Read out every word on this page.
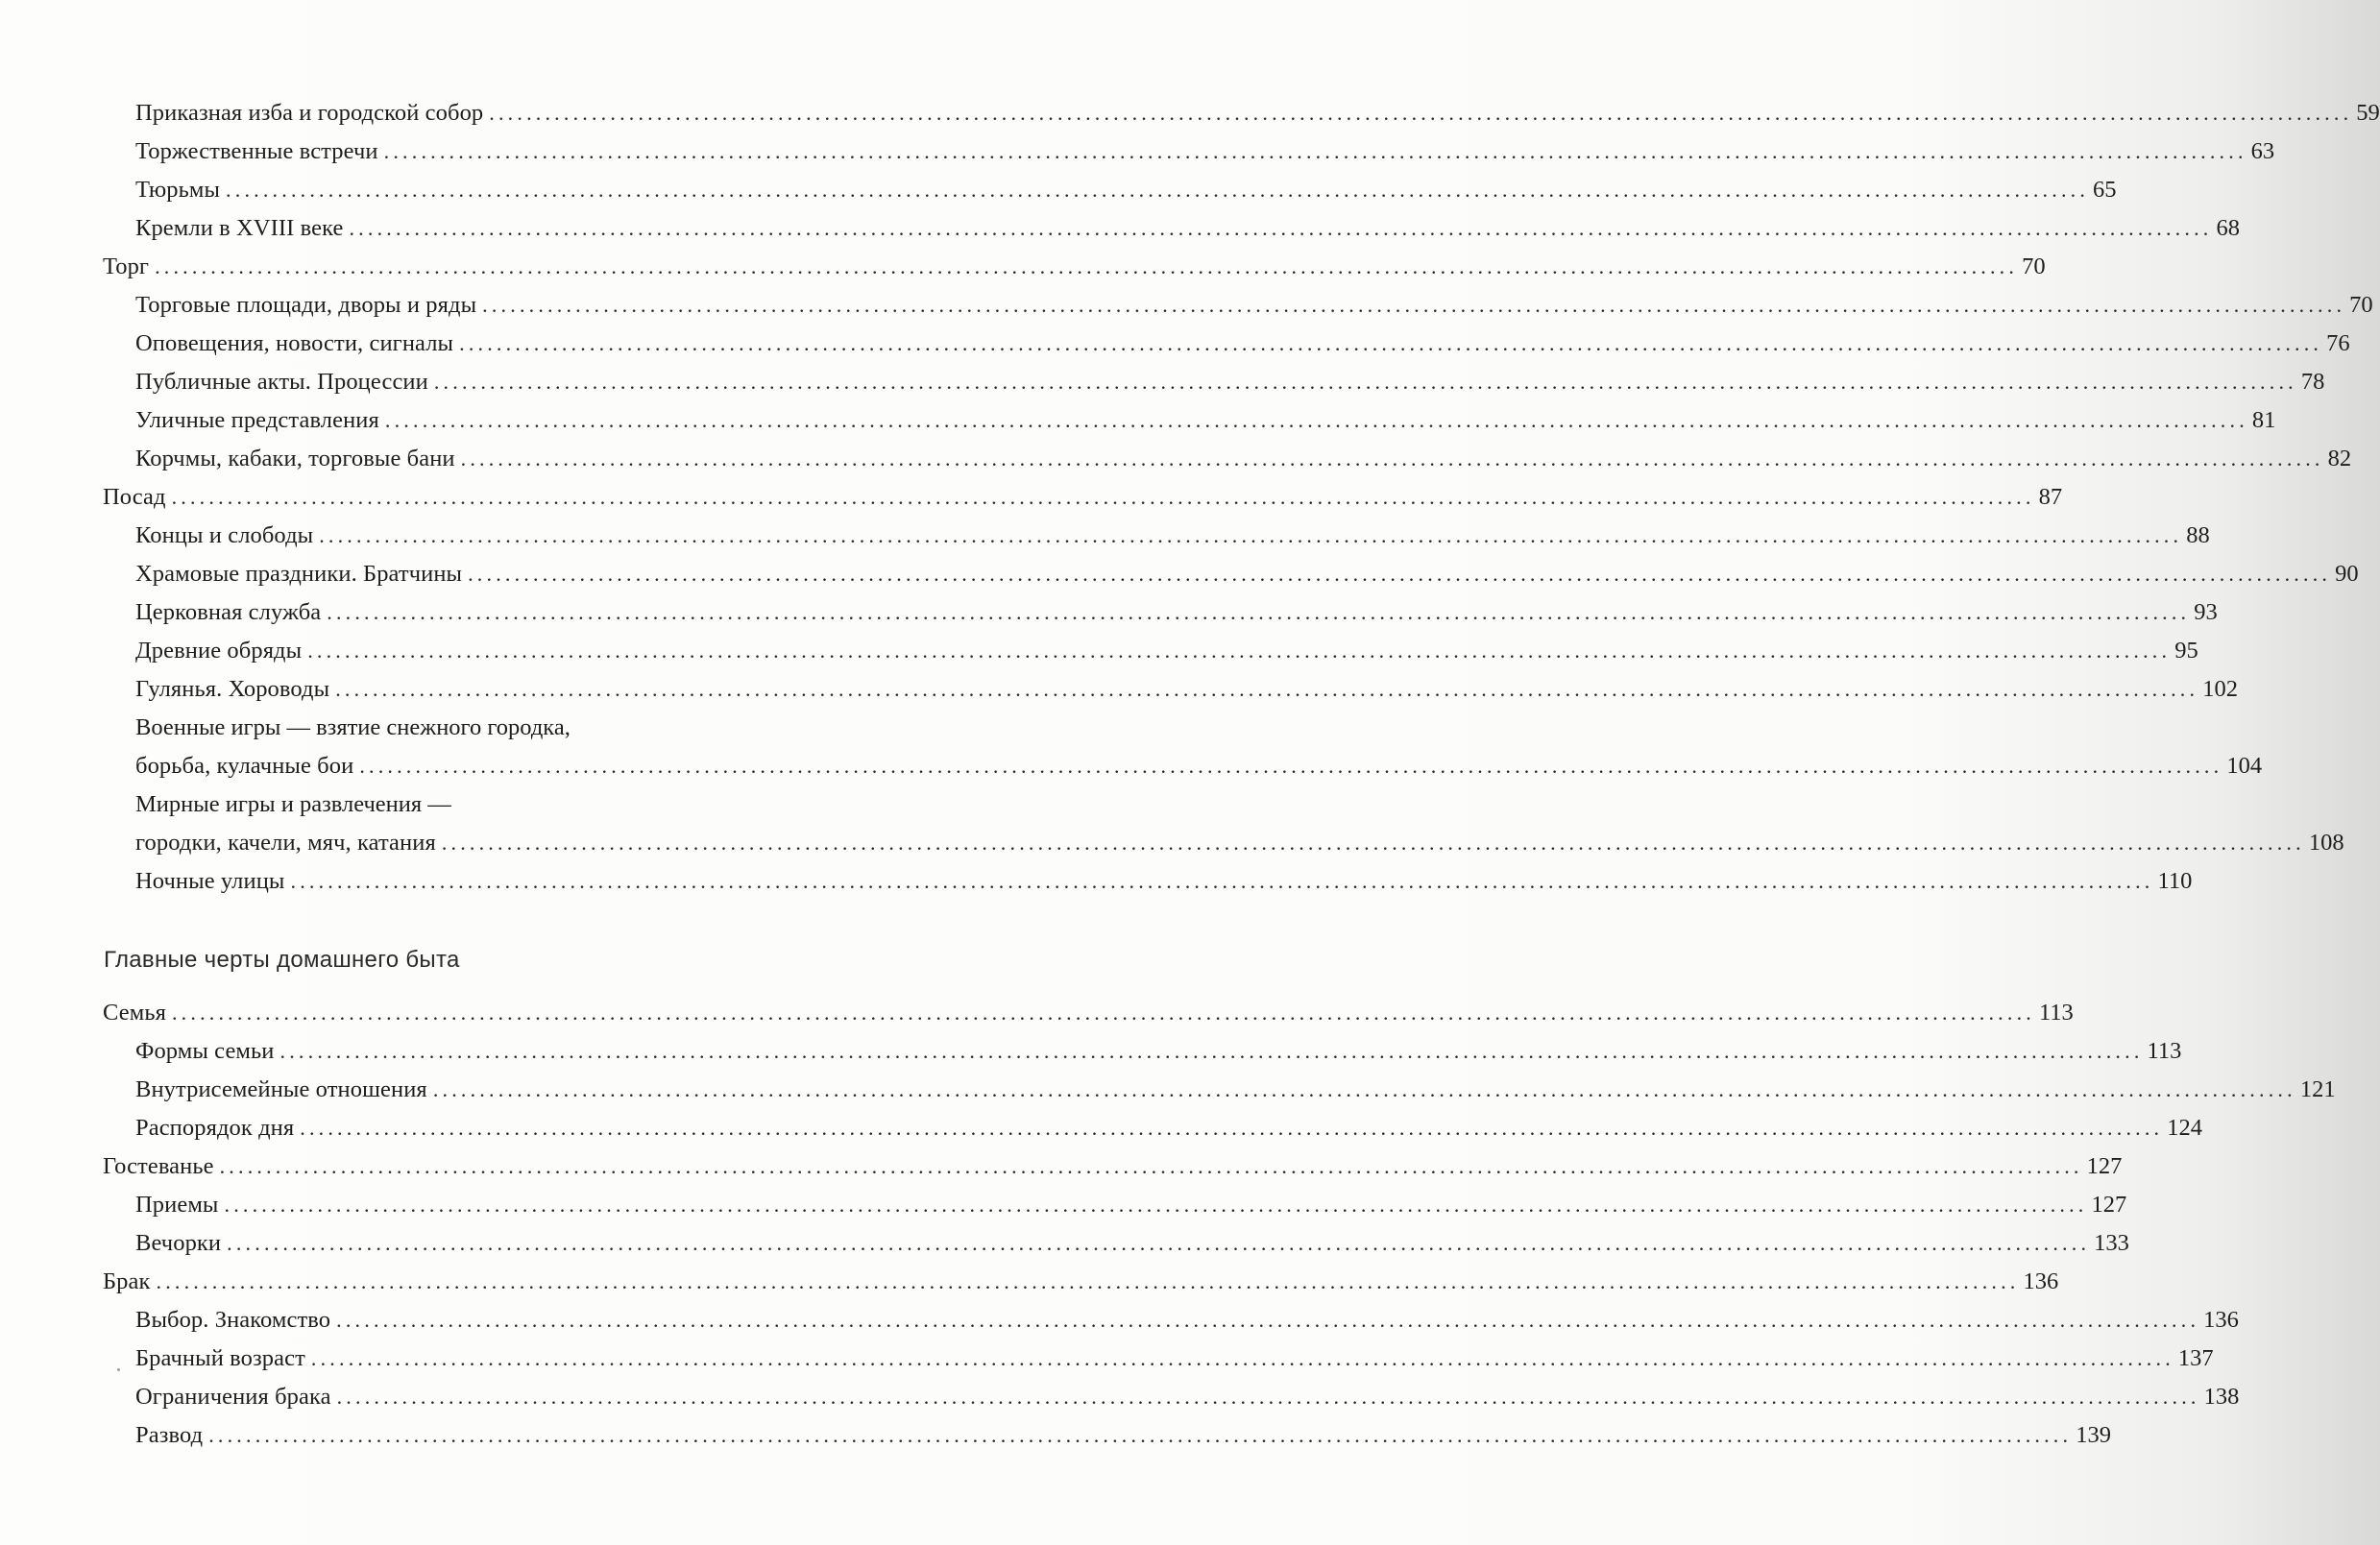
Приказная изба и городской собор ........................................................................................................................................................................................................ 59
Торжественные встречи ........................................................................................................................................................................................................ 63
Тюрьмы ........................................................................................................................................................................................................ 65
Кремли в XVIII веке ........................................................................................................................................................................................................ 68
Торг ........................................................................................................................................................................................................ 70
Торговые площади, дворы и ряды ........................................................................................................................................................................................................ 70
Оповещения, новости, сигналы ........................................................................................................................................................................................................ 76
Публичные акты. Процессии ........................................................................................................................................................................................................ 78
Уличные представления ........................................................................................................................................................................................................ 81
Корчмы, кабаки, торговые бани ........................................................................................................................................................................................................ 82
Посад ........................................................................................................................................................................................................ 87
Концы и слободы ........................................................................................................................................................................................................ 88
Храмовые праздники. Братчины ........................................................................................................................................................................................................ 90
Церковная служба ........................................................................................................................................................................................................ 93
Древние обряды ........................................................................................................................................................................................................ 95
Гулянья. Хороводы ........................................................................................................................................................................................................ 102
Военные игры — взятие снежного городка,
борьба, кулачные бои ........................................................................................................................................................................................................ 104
Мирные игры и развлечения —
городки, качели, мяч, катания ........................................................................................................................................................................................................ 108
Ночные улицы ........................................................................................................................................................................................................ 110
Главные черты домашнего быта
Семья ........................................................................................................................................................................................................ 113
Формы семьи ........................................................................................................................................................................................................ 113
Внутрисемейные отношения ........................................................................................................................................................................................................ 121
Распорядок дня ........................................................................................................................................................................................................ 124
Гостеванье ........................................................................................................................................................................................................ 127
Приемы ........................................................................................................................................................................................................ 127
Вечорки ........................................................................................................................................................................................................ 133
Брак ........................................................................................................................................................................................................ 136
Выбор. Знакомство ........................................................................................................................................................................................................ 136
Брачный возраст ........................................................................................................................................................................................................ 137
Ограничения брака ........................................................................................................................................................................................................ 138
Развод ........................................................................................................................................................................................................ 139
